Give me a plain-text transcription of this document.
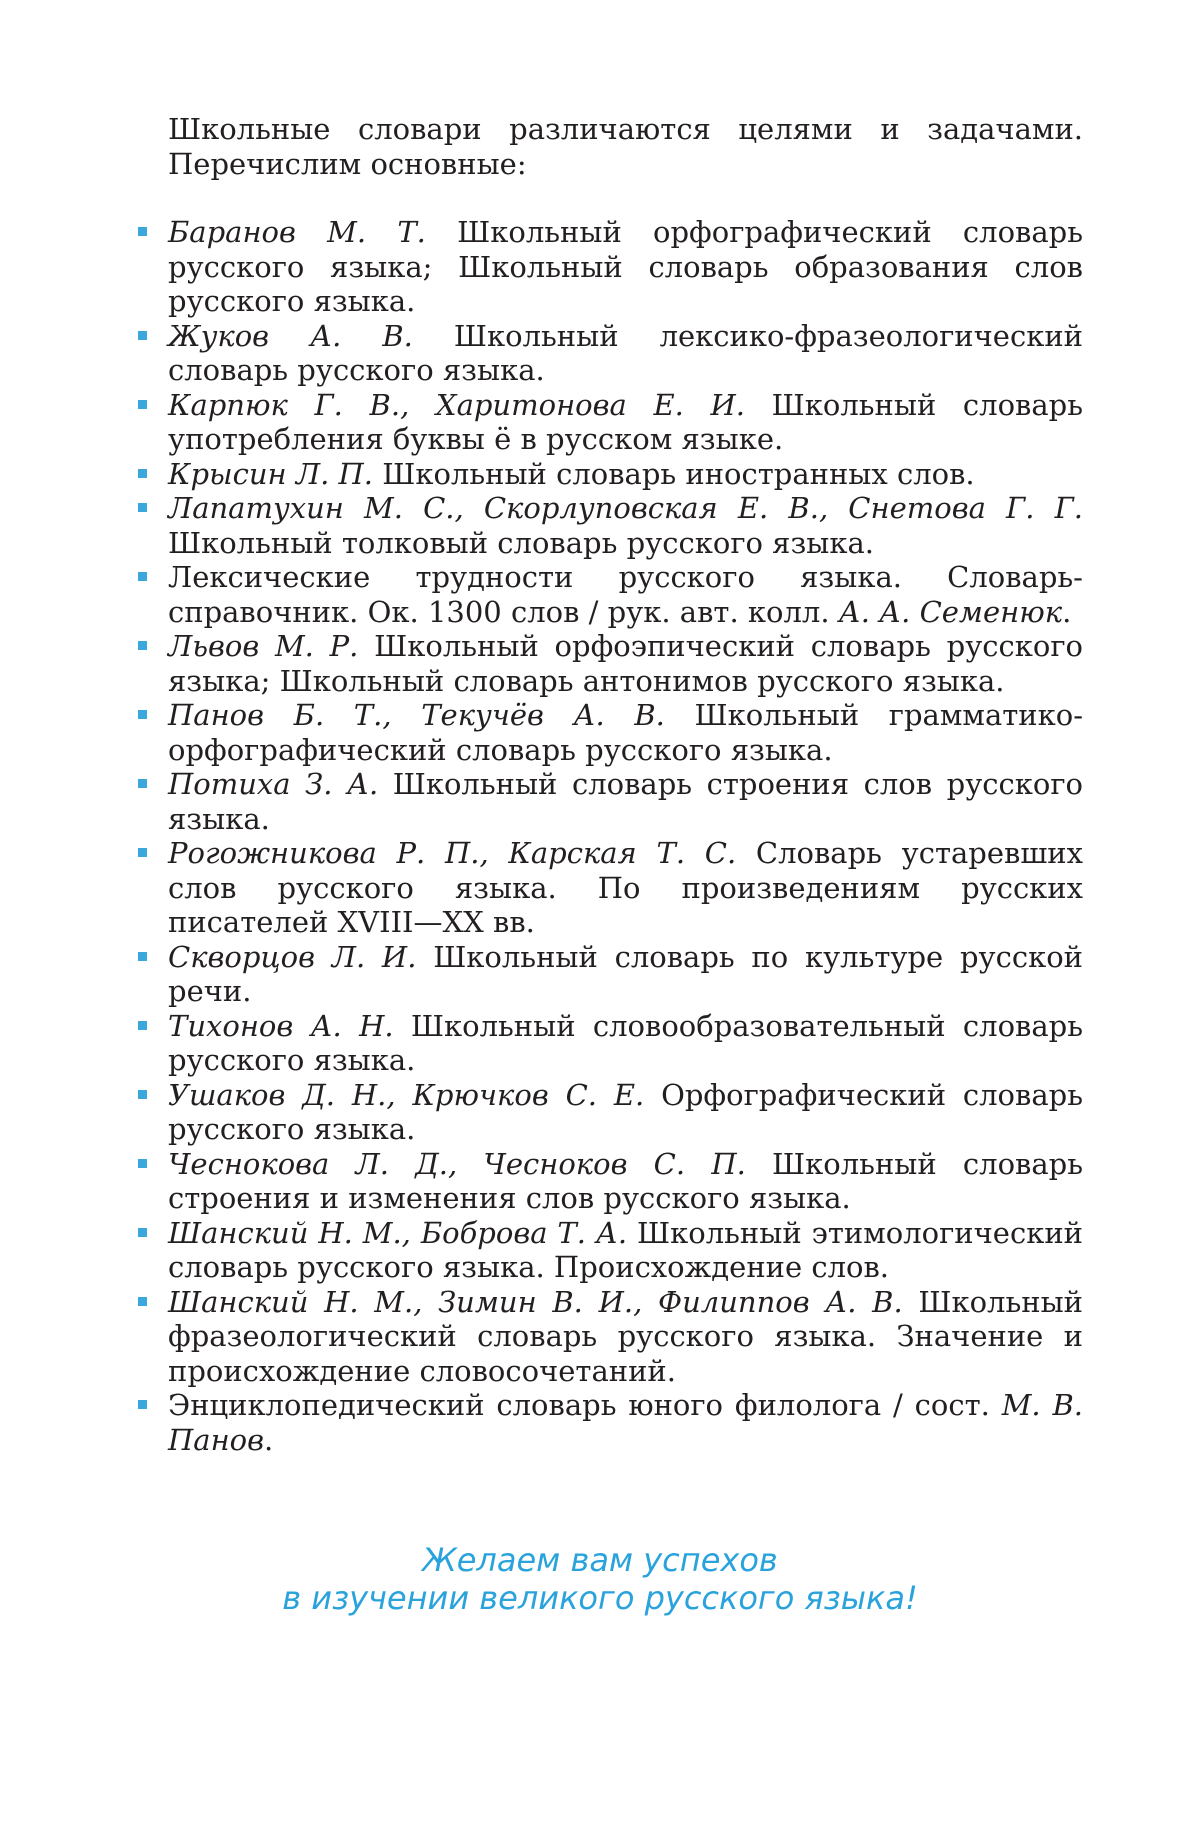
Школьные словари различаются целями и задачами. Перечислим основные:

Баранов М. Т. Школьный орфографический словарь русского языка; Школьный словарь образования слов русского языка.
Жуков А. В. Школьный лексико-фразеологический словарь русского языка.
Карпюк Г. В., Харитонова Е. И. Школьный словарь употребления буквы ё в русском языке.
Крысин Л. П. Школьный словарь иностранных слов.
Лапатухин М. С., Скорлуповская Е. В., Снетова Г. Г. Школьный толковый словарь русского языка.
Лексические трудности русского языка. Словарь-справочник. Ок. 1300 слов / рук. авт. колл. А. А. Семенюк.
Львов М. Р. Школьный орфоэпический словарь русского языка; Школьный словарь антонимов русского языка.
Панов Б. Т., Текучёв А. В. Школьный грамматико-орфографический словарь русского языка.
Потиха З. А. Школьный словарь строения слов русского языка.
Рогожникова Р. П., Карская Т. С. Словарь устаревших слов русского языка. По произведениям русских писателей XVIII—XX вв.
Скворцов Л. И. Школьный словарь по культуре русской речи.
Тихонов А. Н. Школьный словообразовательный словарь русского языка.
Ушаков Д. Н., Крючков С. Е. Орфографический словарь русского языка.
Чеснокова Л. Д., Чесноков С. П. Школьный словарь строения и изменения слов русского языка.
Шанский Н. М., Боброва Т. А. Школьный этимологический словарь русского языка. Происхождение слов.
Шанский Н. М., Зимин В. И., Филиппов А. В. Школьный фразеологический словарь русского языка. Значение и происхождение словосочетаний.
Энциклопедический словарь юного филолога / сост. М. В. Панов.

Желаем вам успехов
в изучении великого русского языка!
